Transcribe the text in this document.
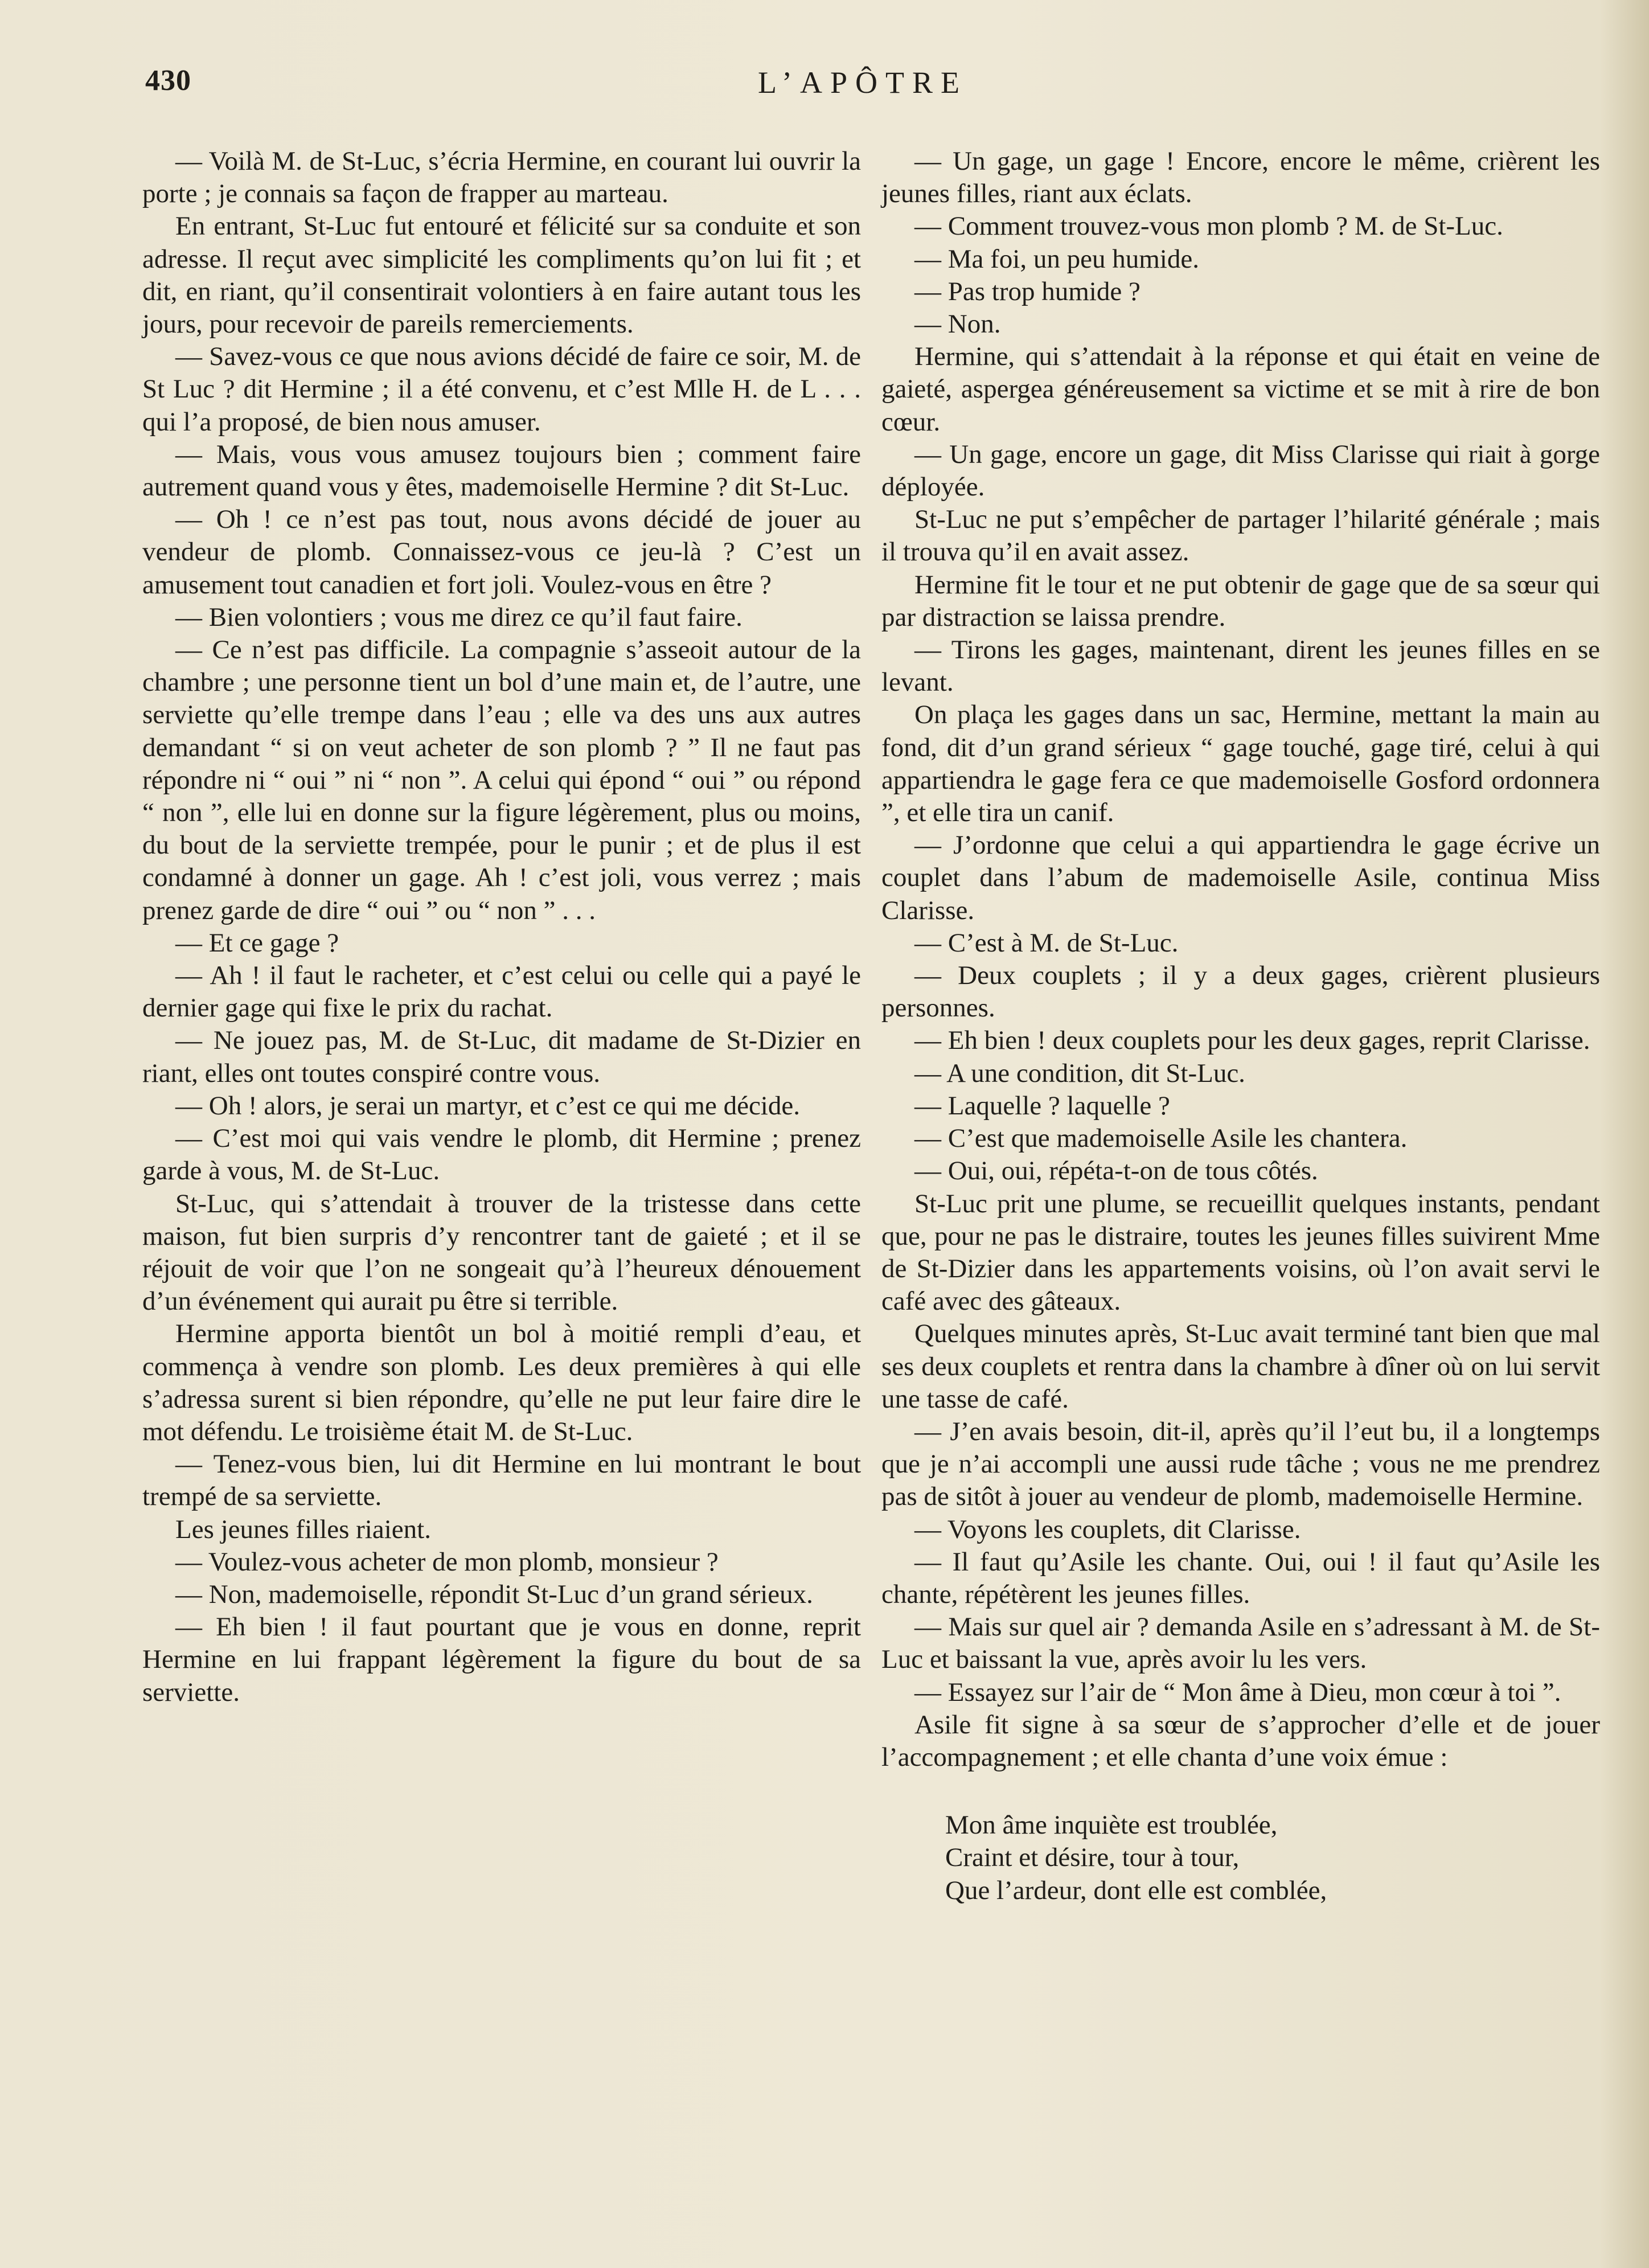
430	L’APÔTRE

— Voilà M. de St-Luc, s’écria Hermine, en courant lui ouvrir la porte ; je connais sa façon de frapper au marteau.

En entrant, St-Luc fut entouré et félicité sur sa conduite et son adresse. Il reçut avec simplicité les compliments qu’on lui fit ; et dit, en riant, qu’il consentirait volontiers à en faire autant tous les jours, pour recevoir de pareils remerciements.

— Savez-vous ce que nous avions décidé de faire ce soir, M. de St Luc ? dit Hermine ; il a été convenu, et c’est Mlle H. de L . . . qui l’a proposé, de bien nous amuser.

— Mais, vous vous amusez toujours bien ; comment faire autrement quand vous y êtes, mademoiselle Hermine ? dit St-Luc.

— Oh ! ce n’est pas tout, nous avons décidé de jouer au vendeur de plomb. Connaissez-vous ce jeu-là ? C’est un amusement tout canadien et fort joli. Voulez-vous en être ?

— Bien volontiers ; vous me direz ce qu’il faut faire.

— Ce n’est pas difficile. La compagnie s’asseoit autour de la chambre ; une personne tient un bol d’une main et, de l’autre, une serviette qu’elle trempe dans l’eau ; elle va des uns aux autres demandant “ si on veut acheter de son plomb ? ” Il ne faut pas répondre ni “ oui ” ni “ non ”. A celui qui épond “ oui ” ou répond “ non ”, elle lui en donne sur la figure légèrement, plus ou moins, du bout de la serviette trempée, pour le punir ; et de plus il est condamné à donner un gage. Ah ! c’est joli, vous verrez ; mais prenez garde de dire “ oui ” ou “ non ” . . .

— Et ce gage ?

— Ah ! il faut le racheter, et c’est celui ou celle qui a payé le dernier gage qui fixe le prix du rachat.

— Ne jouez pas, M. de St-Luc, dit madame de St-Dizier en riant, elles ont toutes conspiré contre vous.

— Oh ! alors, je serai un martyr, et c’est ce qui me décide.

— C’est moi qui vais vendre le plomb, dit Hermine ; prenez garde à vous, M. de St-Luc.

St-Luc, qui s’attendait à trouver de la tristesse dans cette maison, fut bien surpris d’y rencontrer tant de gaieté ; et il se réjouit de voir que l’on ne songeait qu’à l’heureux dénouement d’un événement qui aurait pu être si terrible.

Hermine apporta bientôt un bol à moitié rempli d’eau, et commença à vendre son plomb. Les deux premières à qui elle s’adressa surent si bien répondre, qu’elle ne put leur faire dire le mot défendu. Le troisième était M. de St-Luc.

— Tenez-vous bien, lui dit Hermine en lui montrant le bout trempé de sa serviette.

Les jeunes filles riaient.

— Voulez-vous acheter de mon plomb, monsieur ?

— Non, mademoiselle, répondit St-Luc d’un grand sérieux.

— Eh bien ! il faut pourtant que je vous en donne, reprit Hermine en lui frappant légèrement la figure du bout de sa serviette.

— Un gage, un gage ! Encore, encore le même, crièrent les jeunes filles, riant aux éclats.

— Comment trouvez-vous mon plomb ? M. de St-Luc.

— Ma foi, un peu humide.

— Pas trop humide ?

— Non.

Hermine, qui s’attendait à la réponse et qui était en veine de gaieté, aspergea généreusement sa victime et se mit à rire de bon cœur.

— Un gage, encore un gage, dit Miss Clarisse qui riait à gorge déployée.

St-Luc ne put s’empêcher de partager l’hilarité générale ; mais il trouva qu’il en avait assez.

Hermine fit le tour et ne put obtenir de gage que de sa sœur qui par distraction se laissa prendre.

— Tirons les gages, maintenant, dirent les jeunes filles en se levant.

On plaça les gages dans un sac, Hermine, mettant la main au fond, dit d’un grand sérieux “ gage touché, gage tiré, celui à qui appartiendra le gage fera ce que mademoiselle Gosford ordonnera ”, et elle tira un canif.

— J’ordonne que celui a qui appartiendra le gage écrive un couplet dans l’abum de mademoiselle Asile, continua Miss Clarisse.

— C’est à M. de St-Luc.

— Deux couplets ; il y a deux gages, crièrent plusieurs personnes.

— Eh bien ! deux couplets pour les deux gages, reprit Clarisse.

— A une condition, dit St-Luc.

— Laquelle ? laquelle ?

— C’est que mademoiselle Asile les chantera.

— Oui, oui, répéta-t-on de tous côtés.

St-Luc prit une plume, se recueillit quelques instants, pendant que, pour ne pas le distraire, toutes les jeunes filles suivirent Mme de St-Dizier dans les appartements voisins, où l’on avait servi le café avec des gâteaux.

Quelques minutes après, St-Luc avait terminé tant bien que mal ses deux couplets et rentra dans la chambre à dîner où on lui servit une tasse de café.

— J’en avais besoin, dit-il, après qu’il l’eut bu, il a longtemps que je n’ai accompli une aussi rude tâche ; vous ne me prendrez pas de sitôt à jouer au vendeur de plomb, mademoiselle Hermine.

— Voyons les couplets, dit Clarisse.

— Il faut qu’Asile les chante. Oui, oui ! il faut qu’Asile les chante, répétèrent les jeunes filles.

— Mais sur quel air ? demanda Asile en s’adressant à M. de St-Luc et baissant la vue, après avoir lu les vers.

— Essayez sur l’air de “ Mon âme à Dieu, mon cœur à toi ”.

Asile fit signe à sa sœur de s’approcher d’elle et de jouer l’accompagnement ; et elle chanta d’une voix émue :

Mon âme inquiète est troublée,
Craint et désire, tour à tour,
Que l’ardeur, dont elle est comblée,
